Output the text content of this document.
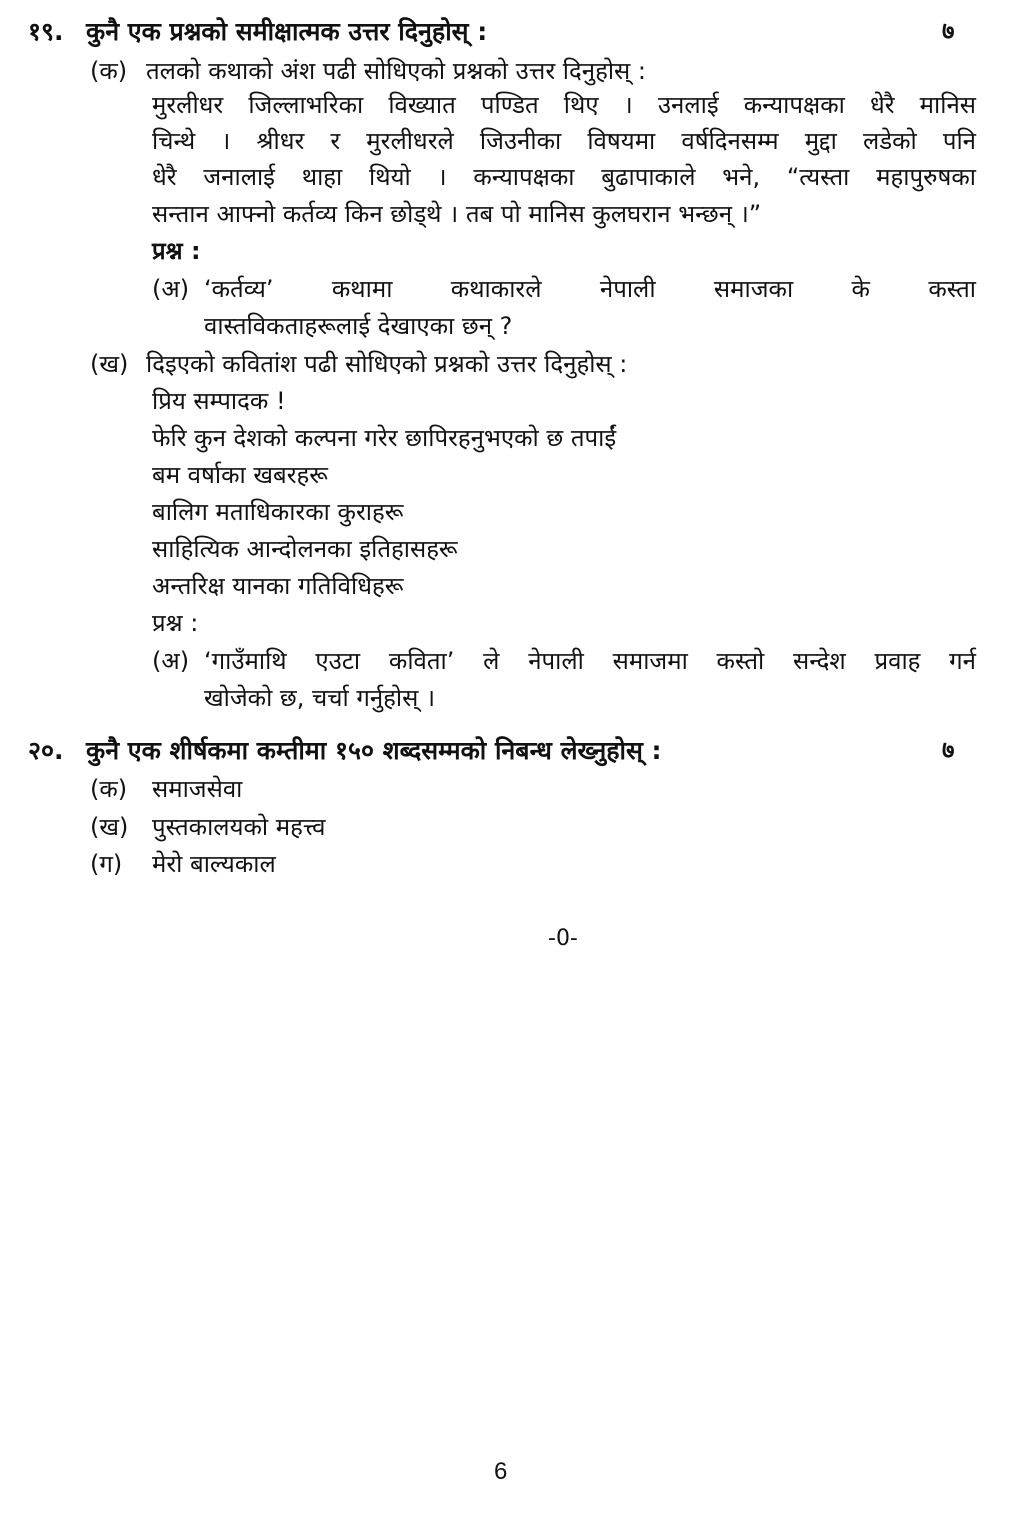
१९. कुनै एक प्रश्नको समीक्षात्मक उत्तर दिनुहोस् :	७
(क) तलको कथाको अंश पढी सोधिएको प्रश्नको उत्तर दिनुहोस् :
मुरलीधर जिल्लाभरिका विख्यात पण्डित थिए । उनलाई कन्यापक्षका धेरै मानिस
चिन्थे । श्रीधर र मुरलीधरले जिउनीका विषयमा वर्षदिनसम्म मुद्दा लडेको पनि
धेरै जनालाई थाहा थियो । कन्यापक्षका बुढापाकाले भने, “त्यस्ता महापुरुषका
सन्तान आफ्नो कर्तव्य किन छोड्थे । तब पो मानिस कुलघरान भन्छन् ।”
प्रश्न :
(अ) ‘कर्तव्य’ कथामा कथाकारले नेपाली समाजका के कस्ता
वास्तविकताहरूलाई देखाएका छन् ?
(ख) दिइएको कवितांश पढी सोधिएको प्रश्नको उत्तर दिनुहोस् :
प्रिय सम्पादक !
फेरि कुन देशको कल्पना गरेर छापिरहनुभएको छ तपाईं
बम वर्षाका खबरहरू
बालिग मताधिकारका कुराहरू
साहित्यिक आन्दोलनका इतिहासहरू
अन्तरिक्ष यानका गतिविधिहरू
प्रश्न :
(अ) ‘गाउँमाथि एउटा कविता’ ले नेपाली समाजमा कस्तो सन्देश प्रवाह गर्न
खोजेको छ, चर्चा गर्नुहोस् ।
२०. कुनै एक शीर्षकमा कम्तीमा १५० शब्दसम्मको निबन्ध लेख्नुहोस् :	७
(क) समाजसेवा
(ख) पुस्तकालयको महत्त्व
(ग) मेरो बाल्यकाल
-0-
6
